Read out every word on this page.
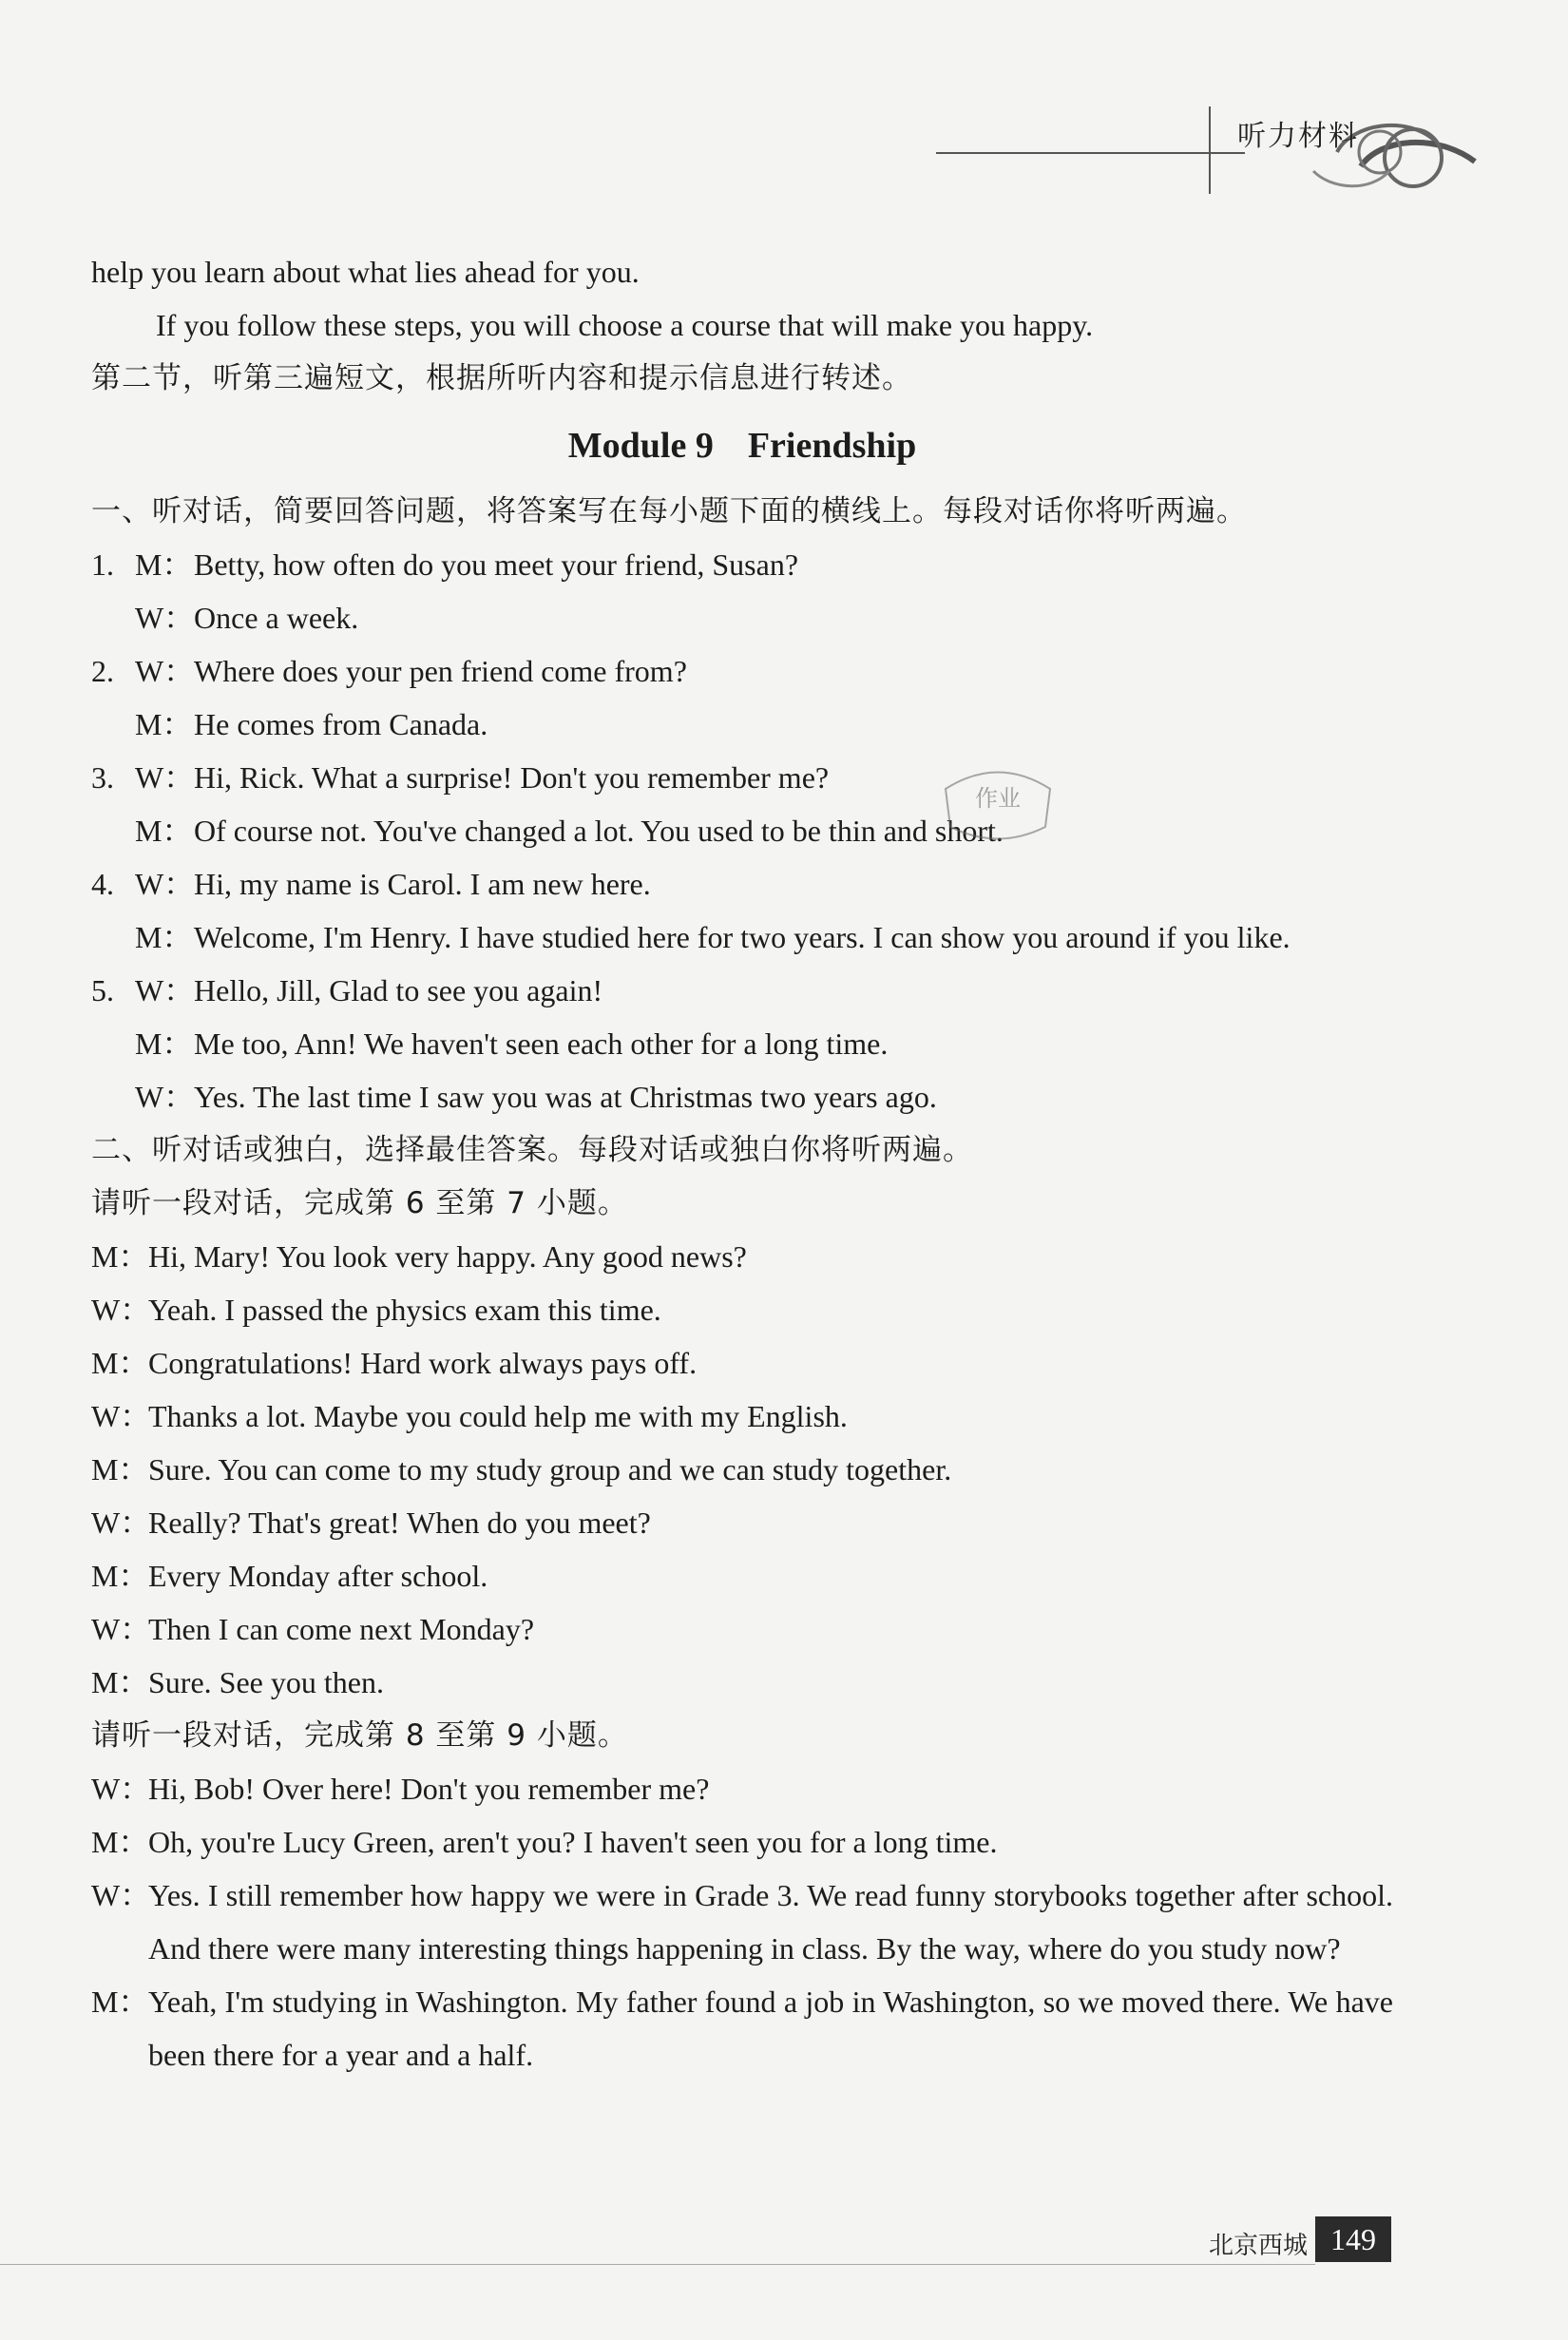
听力材料
help you learn about what lies ahead for you.
If you follow these steps, you will choose a course that will make you happy.
第二节，听第三遍短文，根据所听内容和提示信息进行转述。
Module 9 Friendship
一、听对话，简要回答问题，将答案写在每小题下面的横线上。每段对话你将听两遍。
1. M： Betty, how often do you meet your friend, Susan?
W： Once a week.
2. W： Where does your pen friend come from?
M： He comes from Canada.
3. W： Hi, Rick. What a surprise! Don't you remember me?
M： Of course not. You've changed a lot. You used to be thin and short.
4. W： Hi, my name is Carol. I am new here.
M： Welcome, I'm Henry. I have studied here for two years. I can show you around if you like.
5. W： Hello, Jill, Glad to see you again!
M： Me too, Ann! We haven't seen each other for a long time.
W： Yes. The last time I saw you was at Christmas two years ago.
二、听对话或独白，选择最佳答案。每段对话或独白你将听两遍。
请听一段对话，完成第 6 至第 7 小题。
M： Hi, Mary! You look very happy. Any good news?
W：
Yeah. I passed the physics exam this time.
M： Congratulations! Hard work always pays off.
W：
Thanks a lot. Maybe you could help me with my English.
M： Sure. You can come to my study group and we can study together.
W：
Really? That's great! When do you meet?
M： Every Monday after school.
W：
Then I can come next Monday?
M： Sure. See you then.
请听一段对话，完成第 8 至第 9 小题。
W：
Hi, Bob! Over here! Don't you remember me?
M： Oh, you're Lucy Green, aren't you? I haven't seen you for a long time.
W：
Yes. I still remember how happy we were in Grade 3. We read funny storybooks together after school. And there were many interesting things happening in class. By the way, where do you study now?
M： Yeah, I'm studying in Washington. My father found a job in Washington, so we moved there. We have been there for a year and a half.
作业
北京西城 149
